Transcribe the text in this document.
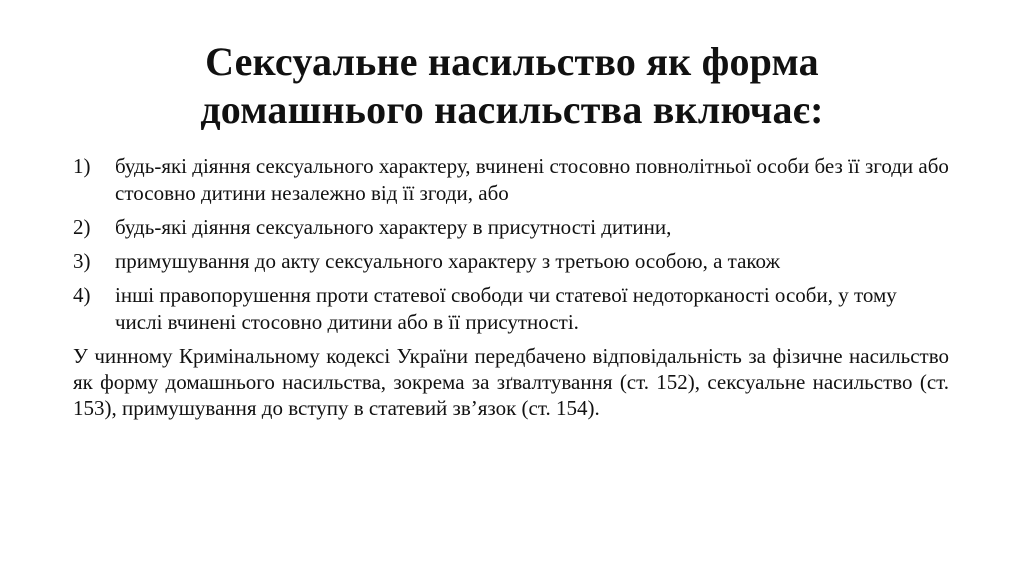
Сексуальне насильство як форма
домашнього насильства включає:
1)	будь-які діяння сексуального характеру, вчинені стосовно повнолітньої особи без її згоди або стосовно дитини незалежно від її згоди, або
2)	будь-які діяння сексуального характеру в присутності дитини,
3)	примушування до акту сексуального характеру з третьою особою, а також
4)	інші правопорушення проти статевої свободи чи статевої недоторканості особи, у тому числі вчинені стосовно дитини або в її присутності.

У чинному Кримінальному кодексі України передбачено відповідальність за фізичне насильство як форму домашнього насильства, зокрема за зґвалтування (ст. 152), сексуальне насильство (ст. 153), примушування до вступу в статевий зв’язок (ст. 154).
